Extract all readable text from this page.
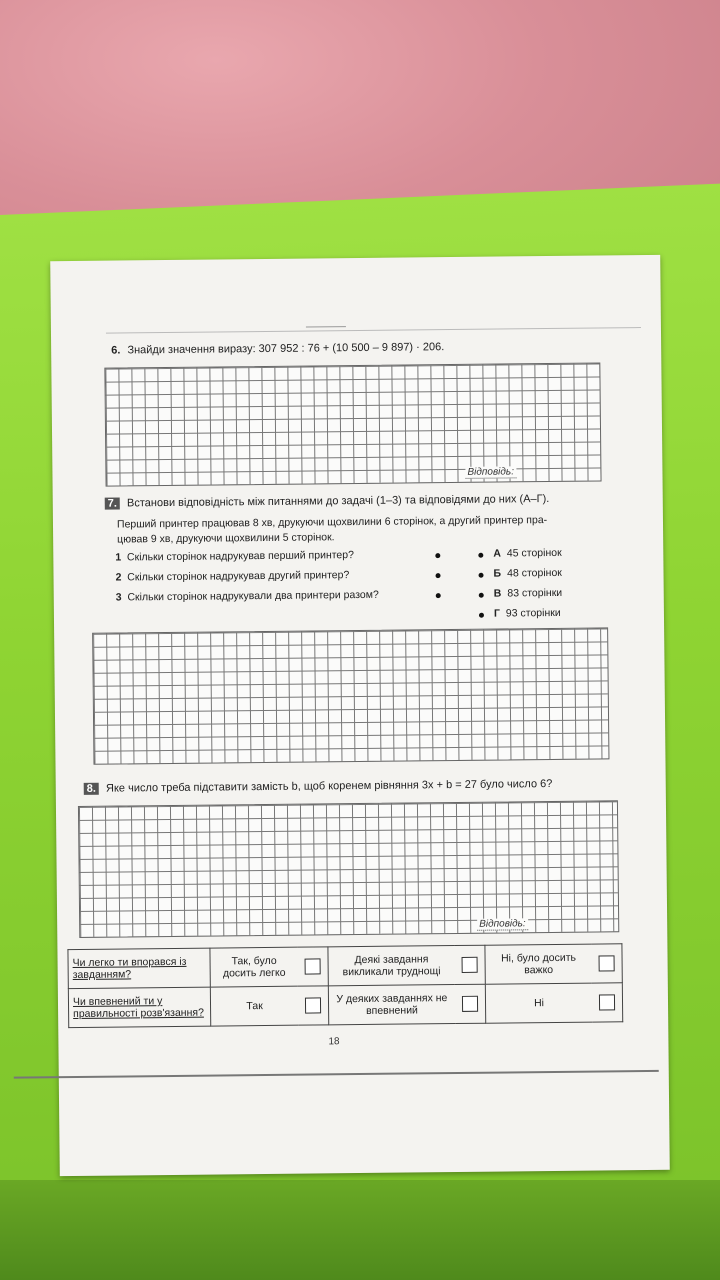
6. Знайди значення виразу: 307 952 : 76 + (10 500 – 9 897) · 206.
Відповідь:
7. Встанови відповідність між питаннями до задачі (1–3) та відповідями до них (А–Г).
Перший принтер працював 8 хв, друкуючи щохвилини 6 сторінок, а другий принтер пра-
цював 9 хв, друкуючи щохвилини 5 сторінок.
1 Скільки сторінок надрукував перший принтер?
2 Скільки сторінок надрукував другий принтер?
3 Скільки сторінок надрукували два принтери разом?
А 45 сторінок
Б 48 сторінок
В 83 сторінки
Г 93 сторінки
8. Яке число треба підставити замість b, щоб коренем рівняння 3x + b = 27 було число 6?
Відповідь:
Чи легко ти впорався із завданням?	Так, було досить легко		Деякі завдання викликали труднощі		Ні, було досить важко	

Чи впевнений ти у правильності розв'язання?	Так		У деяких завданнях не впевнений		Ні	
18
